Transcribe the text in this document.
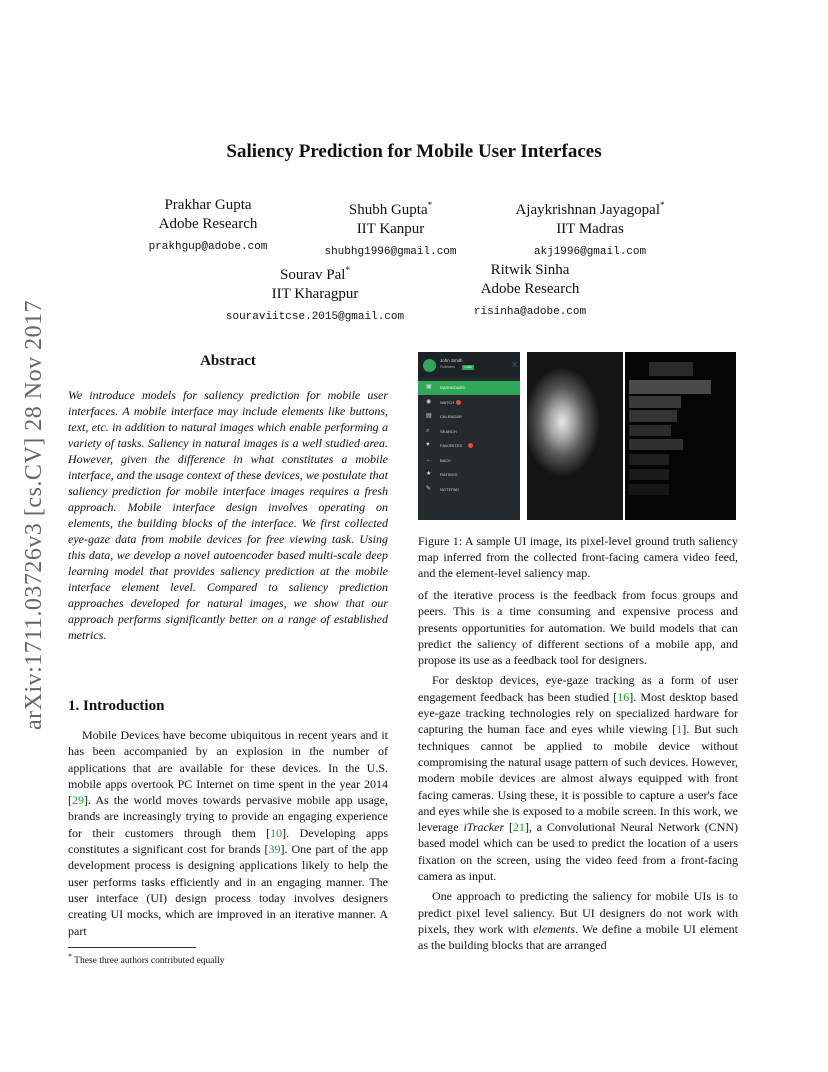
arXiv:1711.03726v3 [cs.CV] 28 Nov 2017
Saliency Prediction for Mobile User Interfaces
Prakhar Gupta
Adobe Research
prakhgup@adobe.com
Shubh Gupta*
IIT Kanpur
shubhg1996@gmail.com
Ajaykrishnan Jayagopal*
IIT Madras
akj1996@gmail.com
Sourav Pal*
IIT Kharagpur
souraviitcse.2015@gmail.com
Ritwik Sinha
Adobe Research
risinha@adobe.com
Abstract
We introduce models for saliency prediction for mobile user interfaces. A mobile interface may include elements like buttons, text, etc. in addition to natural images which enable performing a variety of tasks. Saliency in natural images is a well studied area. However, given the difference in what constitutes a mobile interface, and the usage context of these devices, we postulate that saliency prediction for mobile interface images requires a fresh approach. Mobile interface design involves operating on elements, the building blocks of the interface. We first collected eye-gaze data from mobile devices for free viewing task. Using this data, we develop a novel autoencoder based multi-scale deep learning model that provides saliency prediction at the mobile interface element level. Compared to saliency prediction approaches developed for natural images, we show that our approach performs significantly better on a range of established metrics.
1. Introduction

Mobile Devices have become ubiquitous in recent years and it has been accompanied by an explosion in the number of applications that are available for these devices. In the U.S. mobile apps overtook PC Internet on time spent in the year 2014 [29]. As the world moves towards pervasive mobile app usage, brands are increasingly trying to provide an engaging experience for their customers through them [10]. Developing apps constitutes a significant cost for brands [39]. One part of the app development process is designing applications likely to help the user performs tasks efficiently and in an engaging manner. The user interface (UI) design process today involves designers creating UI mocks, which are improved in an iterative manner. A part

* These three authors contributed equally
John Smith
Followers	1,000
▣ DASHBOARD
◉ WATCH
▤ CALENDAR
⌕	SEARCH
♥	FAVORITES
← BACK
★ RATINGS
✎ NOTEPAD
×
Figure 1: A sample UI image, its pixel-level ground truth saliency map inferred from the collected front-facing camera video feed, and the element-level saliency map.

of the iterative process is the feedback from focus groups and peers. This is a time consuming and expensive process and presents opportunities for automation. We build models that can predict the saliency of different sections of a mobile app, and propose its use as a feedback tool for designers.

For desktop devices, eye-gaze tracking as a form of user engagement feedback has been studied [16]. Most desktop based eye-gaze tracking technologies rely on specialized hardware for capturing the human face and eyes while viewing [1]. But such techniques cannot be applied to mobile device without compromising the natural usage pattern of such devices. However, modern mobile devices are almost always equipped with front facing cameras. Using these, it is possible to capture a user's face and eyes while she is exposed to a mobile screen. In this work, we leverage iTracker [21], a Convolutional Neural Network (CNN) based model which can be used to predict the location of a users fixation on the screen, using the video feed from a front-facing camera as input.

One approach to predicting the saliency for mobile UIs is to predict pixel level saliency. But UI designers do not work with pixels, they work with elements. We define a mobile UI element as the building blocks that are arranged
